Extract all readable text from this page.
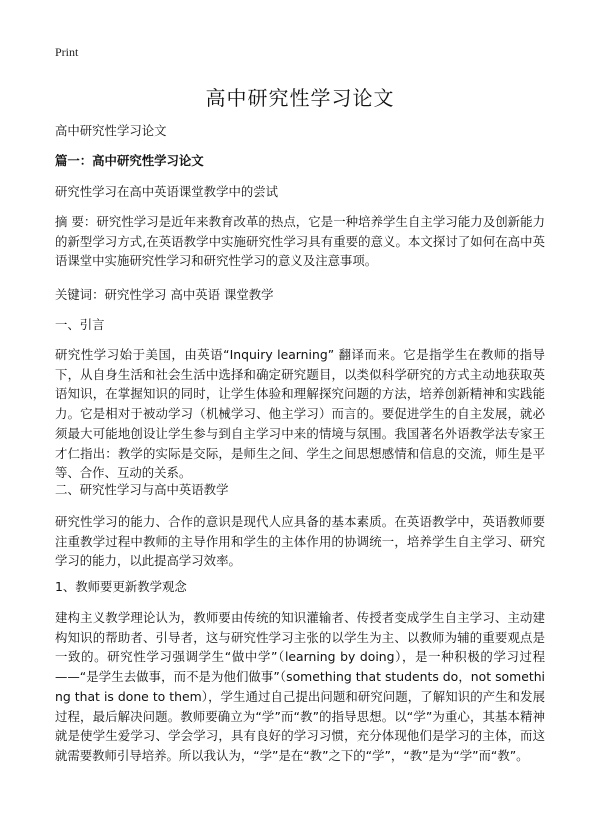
Print
高中研究性学习论文

高中研究性学习论文

篇一：高中研究性学习论文

研究性学习在高中英语课堂教学中的尝试

摘 要：研究性学习是近年来教育改革的热点，它是一种培养学生自主学习能力及创新能力的新型学习方式,在英语教学中实施研究性学习具有重要的意义。本文探讨了如何在高中英语课堂中实施研究性学习和研究性学习的意义及注意事项。

关键词：研究性学习 高中英语 课堂教学

一、引言

研究性学习始于美国，由英语“Inquiry learning” 翻译而来。它是指学生在教师的指导下，从自身生活和社会生活中选择和确定研究题目，以类似科学研究的方式主动地获取英语知识，在掌握知识的同时，让学生体验和理解探究问题的方法，培养创新精神和实践能力。它是相对于被动学习（机械学习、他主学习）而言的。要促进学生的自主发展，就必须最大可能地创设让学生参与到自主学习中来的情境与氛围。我国著名外语教学法专家王才仁指出：教学的实际是交际，是师生之间、学生之间思想感情和信息的交流，师生是平等、合作、互动的关系。

二、研究性学习与高中英语教学

研究性学习的能力、合作的意识是现代人应具备的基本素质。在英语教学中，英语教师要注重教学过程中教师的主导作用和学生的主体作用的协调统一，培养学生自主学习、研究学习的能力，以此提高学习效率。

1、教师要更新教学观念

建构主义教学理论认为，教师要由传统的知识灌输者、传授者变成学生自主学习、主动建构知识的帮助者、引导者，这与研究性学习主张的以学生为主、以教师为辅的重要观点是一致的。研究性学习强调学生“做中学”（learning by doing），是一种积极的学习过程——“是学生去做事，而不是为他们做事”（something that students do，not something that is done to them），学生通过自己提出问题和研究问题，了解知识的产生和发展过程，最后解决问题。教师要确立为“学”而“教”的指导思想。以“学”为重心，其基本精神就是使学生爱学习、学会学习，具有良好的学习习惯，充分体现他们是学习的主体，而这就需要教师引导培养。所以我认为，“学”是在“教”之下的“学”，“教”是为“学”而“教”。
